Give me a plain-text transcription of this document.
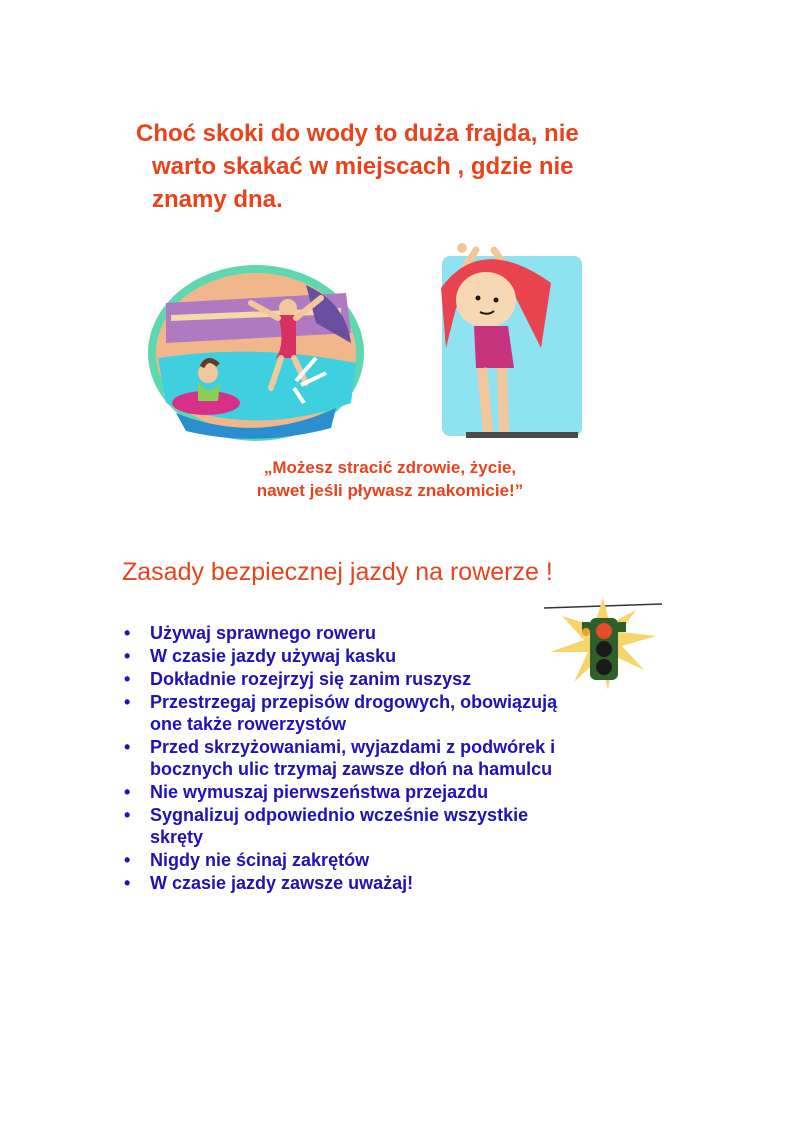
Choć skoki do wody to duża frajda, nie
warto skakać w miejscach , gdzie nie
znamy dna.
„Możesz stracić zdrowie, życie,
nawet jeśli pływasz znakomicie!”
Zasady bezpiecznej jazdy na rowerze !
• Używaj sprawnego roweru
• W czasie jazdy używaj kasku
• Dokładnie rozejrzyj się zanim ruszysz
• Przestrzegaj przepisów drogowych, obowiązują
one także rowerzystów
• Przed skrzyżowaniami, wyjazdami z podwórek i
bocznych ulic trzymaj zawsze dłoń na hamulcu
• Nie wymuszaj pierwszeństwa przejazdu
• Sygnalizuj odpowiednio wcześnie wszystkie
skręty
• Nigdy nie ścinaj zakrętów
• W czasie jazdy zawsze uważaj!
